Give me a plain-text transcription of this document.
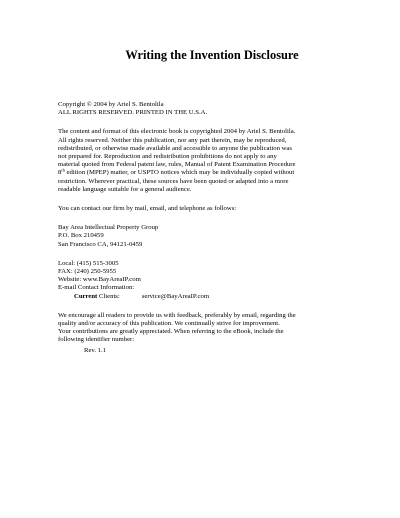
Writing the Invention Disclosure
Copyright © 2004 by Ariel S. Bentolila
ALL RIGHTS RESERVED. PRINTED IN THE U.S.A.
The content and format of this electronic book is copyrighted 2004 by Ariel S. Bentolila.
All rights reserved. Neither this publication, nor any part therein, may be reproduced,
redistributed, or otherwise made available and accessible to anyone the publication was
not prepared for. Reproduction and redistribution prohibitions do not apply to any
material quoted from Federal patent law, rules, Manual of Patent Examination Procedure
8th edition (MPEP) matter, or USPTO notices which may be individually copied without
restriction. Wherever practical, these sources have been quoted or adapted into a more
readable language suitable for a general audience.

You can contact our firm by mail, email, and telephone as follows:

Bay Area Intellectual Property Group
P.O. Box 210459
San Francisco CA, 94121-0459
Local: (415) 515-3005
FAX: (240) 250-5955
Website: www.BayAreaIP.com
E-mail Contact Information:
Current Clients:	service@BayAreaIP.com
We encourage all readers to provide us with feedback, preferably by email, regarding the
quality and/or accuracy of this publication. We continually strive for improvement.
Your contributions are greatly appreciated. When referring to the eBook, include the
following identifier number:
Rev. 1.1
